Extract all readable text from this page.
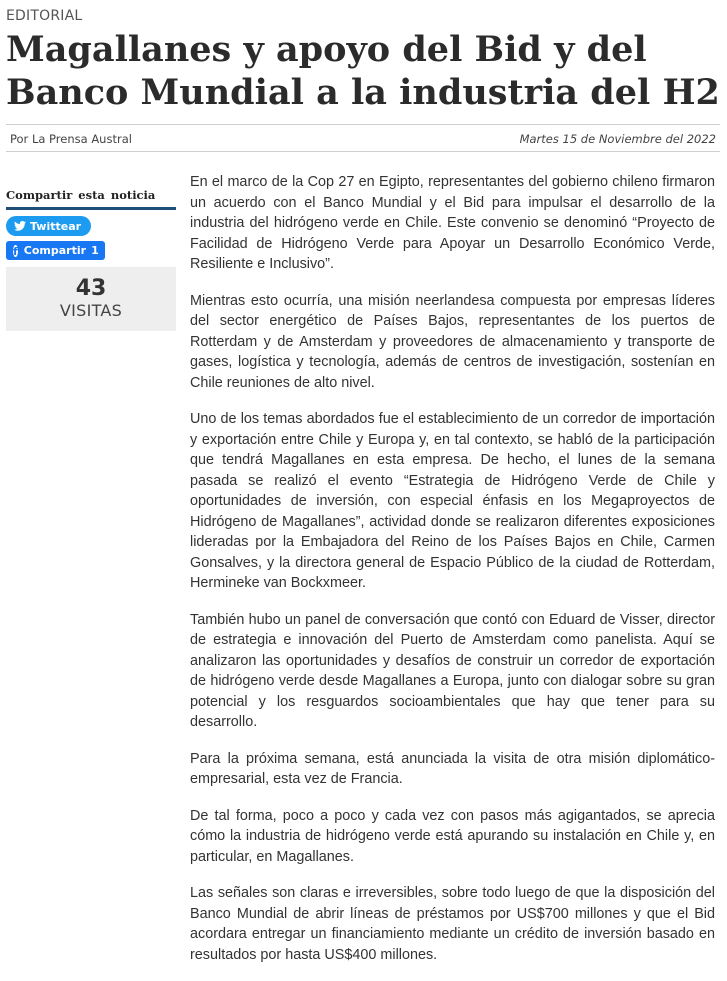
EDITORIAL
Magallanes y apoyo del Bid y del Banco Mundial a la industria del H2
Por La Prensa Austral	Martes 15 de Noviembre del 2022
Compartir esta noticia
Twittear
f Compartir 1
43
VISITAS

En el marco de la Cop 27 en Egipto, representantes del gobierno chileno firmaron un acuerdo con el Banco Mundial y el Bid para impulsar el desarrollo de la industria del hidrógeno verde en Chile. Este convenio se denominó “Proyecto de Facilidad de Hidrógeno Verde para Apoyar un Desarrollo Económico Verde, Resiliente e Inclusivo”.

Mientras esto ocurría, una misión neerlandesa compuesta por empresas líderes del sector energético de Países Bajos, representantes de los puertos de Rotterdam y de Amsterdam y proveedores de almacenamiento y transporte de gases, logística y tecnología, además de centros de investigación, sostenían en Chile reuniones de alto nivel.

Uno de los temas abordados fue el establecimiento de un corredor de importación y exportación entre Chile y Europa y, en tal contexto, se habló de la participación que tendrá Magallanes en esta empresa. De hecho, el lunes de la semana pasada se realizó el evento “Estrategia de Hidrógeno Verde de Chile y oportunidades de inversión, con especial énfasis en los Megaproyectos de Hidrógeno de Magallanes”, actividad donde se realizaron diferentes exposiciones lideradas por la Embajadora del Reino de los Países Bajos en Chile, Carmen Gonsalves, y la directora general de Espacio Público de la ciudad de Rotterdam, Hermineke van Bockxmeer.

También hubo un panel de conversación que contó con Eduard de Visser, director de estrategia e innovación del Puerto de Amsterdam como panelista. Aquí se analizaron las oportunidades y desafíos de construir un corredor de exportación de hidrógeno verde desde Magallanes a Europa, junto con dialogar sobre su gran potencial y los resguardos socioambientales que hay que tener para su desarrollo.

Para la próxima semana, está anunciada la visita de otra misión diplomático-empresarial, esta vez de Francia.

De tal forma, poco a poco y cada vez con pasos más agigantados, se aprecia cómo la industria de hidrógeno verde está apurando su instalación en Chile y, en particular, en Magallanes.

Las señales son claras e irreversibles, sobre todo luego de que la disposición del Banco Mundial de abrir líneas de préstamos por US$700 millones y que el Bid acordara entregar un financiamiento mediante un crédito de inversión basado en resultados por hasta US$400 millones.
